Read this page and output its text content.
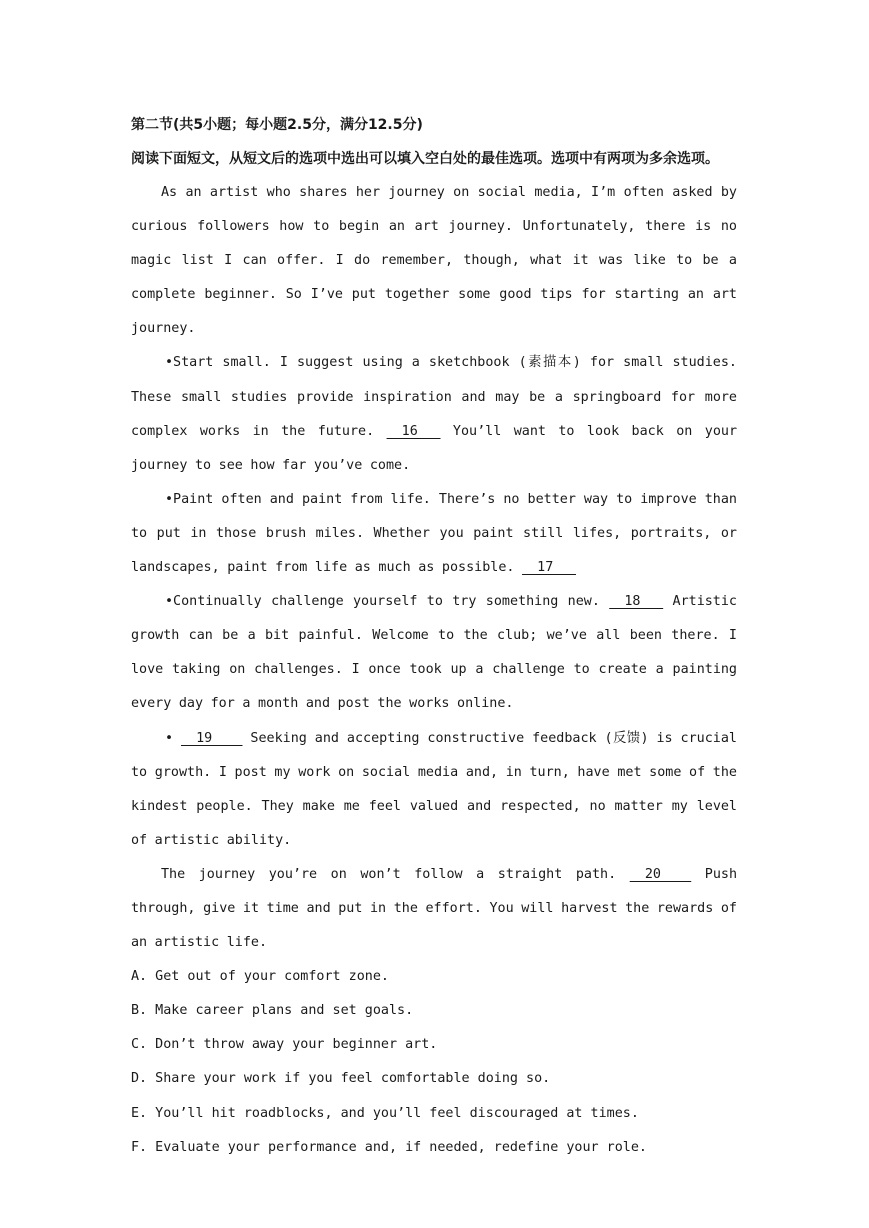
第二节(共5小题；每小题2.5分，满分12.5分)

阅读下面短文，从短文后的选项中选出可以填入空白处的最佳选项。选项中有两项为多余选项。

As an artist who shares her journey on social media, I’m often asked by curious followers how to begin an art journey. Unfortunately, there is no magic list I can offer. I do remember, though, what it was like to be a complete beginner. So I’ve put together some good tips for starting an art journey.

•Start small. I suggest using a sketchbook (素描本) for small studies. These small studies provide inspiration and may be a springboard for more complex works in the future.   16    You’ll want to look back on your journey to see how far you’ve come.

•Paint often and paint from life. There’s no better way to improve than to put in those brush miles. Whether you paint still lifes, portraits, or landscapes, paint from life as much as possible.   17

•Continually challenge yourself to try something new.   18    Artistic growth can be a bit painful. Welcome to the club; we’ve all been there. I love taking on challenges. I once took up a challenge to create a painting every day for a month and post the works online.

•   19     Seeking and accepting constructive feedback (反馈) is crucial to growth. I post my work on social media and, in turn, have met some of the kindest people. They make me feel valued and respected, no matter my level of artistic ability.

The journey you’re on won’t follow a straight path.   20     Push through, give it time and put in the effort. You will harvest the rewards of an artistic life.

A. Get out of your comfort zone.

B. Make career plans and set goals.

C. Don’t throw away your beginner art.

D. Share your work if you feel comfortable doing so.

E. You’ll hit roadblocks, and you’ll feel discouraged at times.

F. Evaluate your performance and, if needed, redefine your role.
